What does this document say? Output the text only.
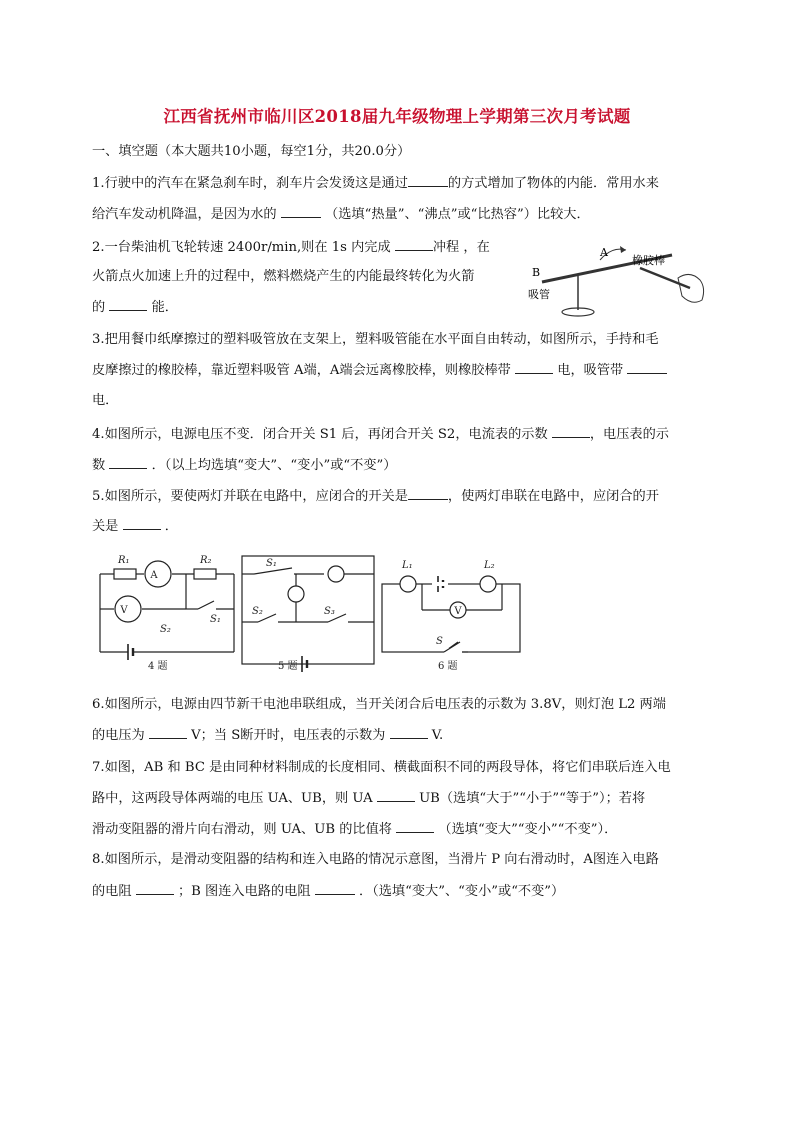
江西省抚州市临川区2018届九年级物理上学期第三次月考试题
一、填空题（本大题共10小题，每空1分，共20.0分）
1.行驶中的汽车在紧急刹车时，刹车片会发烫这是通过	的方式增加了物体的内能．常用水来
给汽车发动机降温，是因为水的	（选填“热量”、“沸点”或“比热容”）比较大．
2.一台柴油机飞轮转速 2400r/min,则在 1s 内完成	冲程 ，在
火箭点火加速上升的过程中，燃料燃烧产生的内能最终转化为火箭
的	能．
A
B
吸管
橡胶棒
3.把用餐巾纸摩擦过的塑料吸管放在支架上，塑料吸管能在水平面自由转动，如图所示，手持和毛
皮摩擦过的橡胶棒，靠近塑料吸管 A端，A端会远离橡胶棒，则橡胶棒带	电，吸管带
电．
4.如图所示，电源电压不变．闭合开关 S1 后，再闭合开关 S2，电流表的示数	，电压表的示
数	．（以上均选填“变大”、“变小”或“不变”）
5.如图所示，要使两灯并联在电路中，应闭合的开关是	，使两灯串联在电路中，应闭合的开
关是	．
R₁
A
R₂
V
S₁
S₂
4 题
S₁
S₂	S₃
5 题
L₁	L₂
V
S
6 题
6.如图所示，电源由四节新干电池串联组成，当开关闭合后电压表的示数为 3.8V，则灯泡 L2 两端
的电压为	V；当 S断开时，电压表的示数为	V.
7.如图，AB 和 BC 是由同种材料制成的长度相同、横截面积不同的两段导体，将它们串联后连入电
路中，这两段导体两端的电压 UA、UB，则 UA	UB（选填“大于”“小于”“等于”）；若将
滑动变阻器的滑片向右滑动，则 UA、UB 的比值将	（选填“变大”“变小”“不变”）．
8.如图所示，是滑动变阻器的结构和连入电路的情况示意图，当滑片 P 向右滑动时，A图连入电路
的电阻	；B 图连入电路的电阻	．（选填“变大”、“变小”或“不变”）
